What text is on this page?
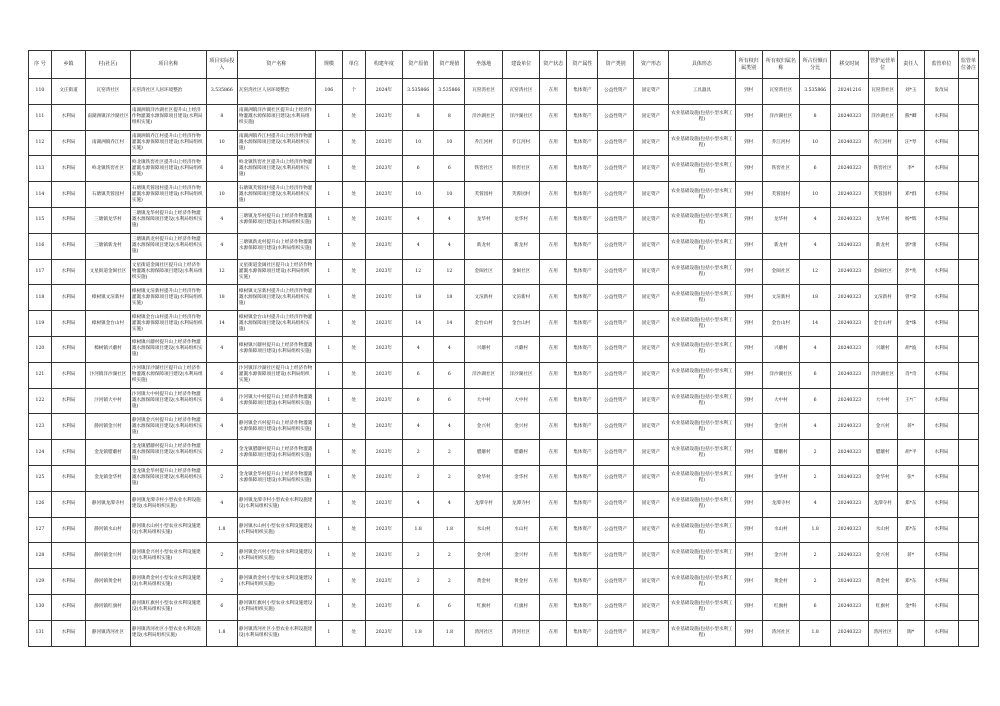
序 号	乡镇	村(社区)	项目名称	项目实际投入	资产名称	规模	单位	构建年度	资产原值	资产现值	坐落地	建设单位	资产状态	资产属性	资产类别	资产形态	具体形态	所有权归属类别	所有权归属名称	所占份额百分比	移交时间	管护运营单位	责任人	监管单位	监管单位备注
110	文庄街道	瓦窑湾社区	瓦窑湾社区人居环境整治	3.535866	瓦窑湾社区人居环境整治	106	个	2024年	3.535866	3.535866	瓦窑湾社区	瓦窑湾社区	在用	集体资产	公益性资产	固定资产	工具器具	到村	瓦窑湾社区	3.535866	20241216	瓦窑湾社区	刘*玉	发改局	
111	水利局	南湖洲镇洋沙湖社区	南湖洲镇洋沙湖社区提升山上经济作物灌溉水源保障项目建设(水利局组织实施)	8	南湖洲镇洋沙湖社区提升山上经济作物灌溉水源保障项目建设(水利局组织实施)	1	处	2023年	8	8	洋沙湖社区	洋沙湖社区	在用	集体资产	公益性资产	固定资产	农业基础设施(包括小型水利工程)	到村	洋沙湖社区	8	20240323	洋沙湖社区	熊*卿	水利局	
112	水利局	南湖洲镇乔江村	南湖洲镇乔江村提升山上经济作物灌溉水源保障项目建设(水利局组织实施)	10	南湖洲镇乔江村提升山上经济作物灌溉水源保障项目建设(水利局组织实施)	1	处	2023年	10	10	乔江河村	乔江河村	在用	集体资产	公益性资产	固定资产	农业基础设施(包括小型水利工程)	到村	乔江河村	10	20240323	乔江河村	汪*琴	水利局	
113	水利局	岭北镇铁窖社区	岭北镇铁窖社区提升山上经济作物灌溉水源保障项目建设(水利局组织实施)	6	岭北镇铁窖社区提升山上经济作物灌溉水源保障项目建设(水利局组织实施)	1	处	2023年	6	6	铁窖社区	铁窖社区	在用	集体资产	公益性资产	固定资产	农业基础设施(包括小型水利工程)	到村	铁窖社区	6	20240323	铁窖社区	李*	水利局	
114	水利局	石塘镇芙蓉园村	石塘镇芙蓉园村提升山上经济作物灌溉水源保障项目建设(水利局组织实施)	10	石塘镇芙蓉园村提升山上经济作物灌溉水源保障项目建设(水利局组织实施)	1	处	2023年	10	10	芙蓉园村	芙蓉园村	在用	集体资产	公益性资产	固定资产	农业基础设施(包括小型水利工程)	到村	芙蓉园村	10	20240323	芙蓉园村	邓*群	水利局	
115	水利局	三塘镇龙华村	三塘镇龙华村提升山上经济作物灌溉水源保障项目建设(水利局组织实施)	4	三塘镇龙华村提升山上经济作物灌溉水源保障项目建设(水利局组织实施)	1	处	2023年	4	4	龙华村	龙华村	在用	集体资产	公益性资产	固定资产	农业基础设施(包括小型水利工程)	到村	龙华村	4	20240323	龙华村	杨*辉	水利局	
116	水利局	三塘镇新龙村	三塘镇新龙村提升山上经济作物灌溉水源保障项目建设(水利局组织实施)	4	三塘镇新龙村提升山上经济作物灌溉水源保障项目建设(水利局组织实施)	1	处	2023年	4	4	新龙村	新龙村	在用	集体资产	公益性资产	固定资产	农业基础设施(包括小型水利工程)	到村	新龙村	4	20240323	新龙村	郭*蕾	水利局	
117	水利局	文星街道金闽社区	文星街道金闽社区提升山上经济作物灌溉水源保障项目建设(水利局组织实施)	12	文星街道金闽社区提升山上经济作物灌溉水源保障项目建设(水利局组织实施)	1	处	2023年	12	12	金闽社区	金闽社区	在用	集体资产	公益性资产	固定资产	农业基础设施(包括小型水利工程)	到村	金闽社区	12	20240323	金闽社区	彭*兆	水利局	
118	水利局	樟树镇文渲新村	樟树镇文渲新村提升山上经济作物灌溉水源保障项目建设(水利局组织实施)	18	樟树镇文渲新村提升山上经济作物灌溉水源保障项目建设(水利局组织实施)	1	处	2023年	18	18	文渲新村	文渲新村	在用	集体资产	公益性资产	固定资产	农业基础设施(包括小型水利工程)	到村	文渲新村	18	20240323	文渲新村	曾*荣	水利局	
119	水利局	樟树镇金台山村	樟树镇金台山村提升山上经济作物灌溉水源保障项目建设(水利局组织实施)	14	樟树镇金台山村提升山上经济作物灌溉水源保障项目建设(水利局组织实施)	1	处	2023年	14	14	金台山村	金台山村	在用	集体资产	公益性资产	固定资产	农业基础设施(包括小型水利工程)	到村	金台山村	14	20240323	金台山村	金*珠	水利局	
120	水利局	樟树镇兴蘑村	樟树镇兴蘑村提升山上经济作物灌溉水源保障项目建设(水利局组织实施)	4	樟树镇兴蘑村提升山上经济作物灌溉水源保障项目建设(水利局组织实施)	1	处	2023年	4	4	兴蘑村	兴蘑村	在用	集体资产	公益性资产	固定资产	农业基础设施(包括小型水利工程)	到村	兴蘑村	4	20240323	兴蘑村	胡*波	水利局	
121	水利局	汴河镇洋沙湖社区	汴河镇洋沙湖社区提升山上经济作物灌溉水源保障项目建设(水利局组织实施)	6	汴河镇洋沙湖社区提升山上经济作物灌溉水源保障项目建设(水利局组织实施)	1	处	2023年	6	6	洋沙湖社区	洋沙湖社区	在用	集体资产	公益性资产	固定资产	农业基础设施(包括小型水利工程)	到村	洋沙湖社区	6	20240323	洋沙湖社区	肖*奇	水利局	
122	水利局	汴河镇大中村	汴河镇大中村提升山上经济作物灌溉水源保障项目建设(水利局组织实施)	6	汴河镇大中村提升山上经济作物灌溉水源保障项目建设(水利局组织实施)	1	处	2023年	6	6	大中村	大中村	在用	集体资产	公益性资产	固定资产	农业基础设施(包括小型水利工程)	到村	大中村	6	20240323	大中村	王*广	水利局	
123	水利局	静河镇金兴村	静河镇金兴村提升山上经济作物灌溉水源保障项目建设(水利局组织实施)	4	静河镇金兴村提升山上经济作物灌溉水源保障项目建设(水利局组织实施)	1	处	2023年	4	4	金兴村	金兴村	在用	集体资产	公益性资产	固定资产	农业基础设施(包括小型水利工程)	到村	金兴村	4	20240323	金兴村	蒋*	水利局	
124	水利局	金龙镇腊蘑村	金龙镇腊蘑村提升山上经济作物灌溉水源保障项目建设(水利局组织实施)	2	金龙镇腊蘑村提升山上经济作物灌溉水源保障项目建设(水利局组织实施)	1	处	2023年	2	2	腊蘑村	腊蘑村	在用	集体资产	公益性资产	固定资产	农业基础设施(包括小型水利工程)	到村	腊蘑村	2	20240323	腊蘑村	胡*平	水利局	
125	水利局	金龙镇金华村	金龙镇金华村提升山上经济作物灌溉水源保障项目建设(水利局组织实施)	2	金龙镇金华村提升山上经济作物灌溉水源保障项目建设(水利局组织实施)	1	处	2023年	2	2	金华村	金华村	在用	集体资产	公益性资产	固定资产	农业基础设施(包括小型水利工程)	到村	金华村	2	20240323	金华村	张*	水利局	
126	水利局	静河镇龙潭寺村	静河镇龙潭寺村小型农业水利设施建设(水利局组织实施)	4	静河镇龙潭寺村小型农业水利设施建设(水利局组织实施)	1	处	2023年	4	4	龙潭寺村	龙潭寺村	在用	集体资产	公益性资产	固定资产	农业基础设施(包括小型水利工程)	到村	龙潭寺村	4	20240323	龙潭寺村	郑*东	水利局	
127	水利局	静河镇水山村	静河镇水山村小型农业水利设施建设(水利局组织实施)	1.8	静河镇水山村小型农业水利设施建设(水利局组织实施)	1	处	2023年	1.8	1.8	水山村	水山村	在用	集体资产	公益性资产	固定资产	农业基础设施(包括小型水利工程)	到村	水山村	1.8	20240323	水山村	郑*东	水利局	
128	水利局	静河镇金兴村	静河镇金兴村小型农业水利设施建设(水利局组织实施)	2	静河镇金兴村小型农业水利设施建设(水利局组织实施)	1	处	2023年	2	2	金兴村	金兴村	在用	集体资产	公益性资产	固定资产	农业基础设施(包括小型水利工程)	到村	金兴村	2	20240323	金兴村	蒋*	水利局	
129	水利局	静河镇黄金村	静河镇黄金村小型农业水利设施建设(水利局组织实施)	2	静河镇黄金村小型农业水利设施建设(水利局组织实施)	1	处	2023年	2	2	黄金村	黄金村	在用	集体资产	公益性资产	固定资产	农业基础设施(包括小型水利工程)	到村	黄金村	2	20240323	黄金村	郑*东	水利局	
130	水利局	静河镇红旗村	静河镇红旗村小型农业水利设施建设(水利局组织实施)	6	静河镇红旗村小型农业水利设施建设(水利局组织实施)	1	处	2023年	6	6	红旗村	红旗村	在用	集体资产	公益性资产	固定资产	农业基础设施(包括小型水利工程)	到村	红旗村	6	20240323	红旗村	金*科	水利局	
131	水利局	静河镇湾河社区	静河镇湾河社区小型农业水利设施建设(水利局组织实施)	1.8	静河镇湾河社区小型农业水利设施建设(水利局组织实施)	1	处	2023年	1.8	1.8	湾河社区	湾河社区	在用	集体资产	公益性资产	固定资产	农业基础设施(包括小型水利工程)	到村	湾河社区	1.8	20240323	湾河社区	陶*	水利局	
